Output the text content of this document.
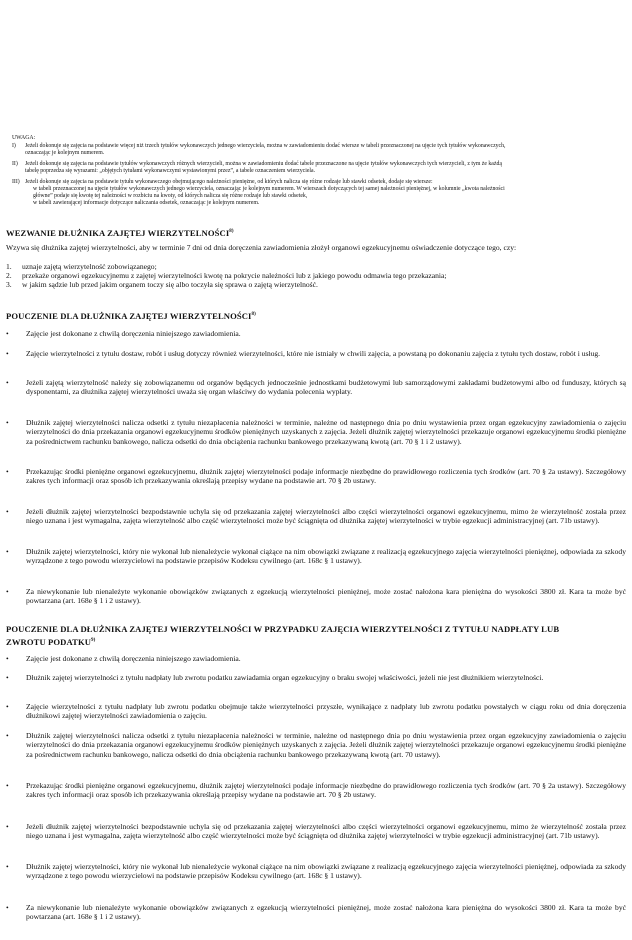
UWAGA:
I) Jeżeli dokonuje się zajęcia na podstawie więcej niż trzech tytułów wykonawczych jednego wierzyciela, można w zawiadomieniu dodać wiersze w tabeli przeznaczonej na ujęcie tych tytułów wykonawczych,
oznaczając je kolejnym numerem.
II) Jeżeli dokonuje się zajęcia na podstawie tytułów wykonawczych różnych wierzycieli, można w zawiadomieniu dodać tabele przeznaczone na ujęcie tytułów wykonawczych tych wierzycieli, z tym że każdą
tabelę poprzedza się wyrazami: „objętych tytułami wykonawczymi wystawionymi przez”, a tabele oznaczeniem wierzyciela.
III) Jeżeli dokonuje się zajęcia na podstawie tytułu wykonawczego obejmującego należności pieniężne, od których nalicza się różne rodzaje lub stawki odsetek, dodaje się wiersze:
w tabeli przeznaczonej na ujęcie tytułów wykonawczych jednego wierzyciela, oznaczając je kolejnym numerem. W wierszach dotyczących tej samej należności pieniężnej, w kolumnie „kwota należności
główne” podaje się kwotę tej należności w rozbiciu na kwoty, od których nalicza się różne rodzaje lub stawki odsetek,
w tabeli zawierającej informacje dotyczące naliczania odsetek, oznaczając je kolejnym numerem.
WEZWANIE DŁUŻNIKA ZAJĘTEJ WIERZYTELNOŚCI$^{8)}$
Wzywa się dłużnika zajętej wierzytelności, aby w terminie 7 dni od dnia doręczenia zawiadomienia złożył organowi egzekucyjnemu oświadczenie dotyczące tego, czy:
1. uznaje zajętą wierzytelność zobowiązanego;
2. przekaże organowi egzekucyjnemu z zajętej wierzytelności kwotę na pokrycie należności lub z jakiego powodu odmawia tego przekazania;
3. w jakim sądzie lub przed jakim organem toczy się albo toczyła się sprawa o zajętą wierzytelność.
POUCZENIE DLA DŁUŻNIKA ZAJĘTEJ WIERZYTELNOŚCI$^{8)}$
• Zajęcie jest dokonane z chwilą doręczenia niniejszego zawiadomienia.
• Zajęcie wierzytelności z tytułu dostaw, robót i usług dotyczy również wierzytelności, które nie istniały w chwili zajęcia, a powstaną po dokonaniu zajęcia z tytułu tych dostaw, robót i usług.
• Jeżeli zajętą wierzytelność należy się zobowiązanemu od organów będących jednocześnie jednostkami budżetowymi lub samorządowymi zakładami budżetowymi albo od funduszy, których są dysponentami, za dłużnika zajętej wierzytelności uważa się organ właściwy do wydania polecenia wypłaty.
• Dłużnik zajętej wierzytelności nalicza odsetki z tytułu niezapłacenia należności w terminie, należne od następnego dnia po dniu wystawienia przez organ egzekucyjny zawiadomienia o zajęciu wierzytelności do dnia przekazania organowi egzekucyjnemu środków pieniężnych uzyskanych z zajęcia. Jeżeli dłużnik zajętej wierzytelności przekazuje organowi egzekucyjnemu środki pieniężne za pośrednictwem rachunku bankowego, nalicza odsetki do dnia obciążenia rachunku bankowego przekazywaną kwotą (art. 70 § 1 i 2 ustawy).
• Przekazując środki pieniężne organowi egzekucyjnemu, dłużnik zajętej wierzytelności podaje informacje niezbędne do prawidłowego rozliczenia tych środków (art. 70 § 2a ustawy). Szczegółowy zakres tych informacji oraz sposób ich przekazywania określają przepisy wydane na podstawie art. 70 § 2b ustawy.
• Jeżeli dłużnik zajętej wierzytelności bezpodstawnie uchyla się od przekazania zajętej wierzytelności albo części wierzytelności organowi egzekucyjnemu, mimo że wierzytelność została przez niego uznana i jest wymagalna, zajęta wierzytelność albo część wierzytelności może być ściągnięta od dłużnika zajętej wierzytelności w trybie egzekucji administracyjnej (art. 71b ustawy).
• Dłużnik zajętej wierzytelności, który nie wykonał lub nienależycie wykonał ciążące na nim obowiązki związane z realizacją egzekucyjnego zajęcia wierzytelności pieniężnej, odpowiada za szkody wyrządzone z tego powodu wierzycielowi na podstawie przepisów Kodeksu cywilnego (art. 168c § 1 ustawy).
• Za niewykonanie lub nienależyte wykonanie obowiązków związanych z egzekucją wierzytelności pieniężnej, może zostać nałożona kara pieniężna do wysokości 3800 zł. Kara ta może być powtarzana (art. 168e § 1 i 2 ustawy).
POUCZENIE DLA DŁUŻNIKA ZAJĘTEJ WIERZYTELNOŚCI W PRZYPADKU ZAJĘCIA WIERZYTELNOŚCI Z TYTUŁU NADPŁATY LUB
ZWROTU PODATKU$^{9)}$
• Zajęcie jest dokonane z chwilą doręczenia niniejszego zawiadomienia.
• Dłużnik zajętej wierzytelności z tytułu nadpłaty lub zwrotu podatku zawiadamia organ egzekucyjny o braku swojej właściwości, jeżeli nie jest dłużnikiem wierzytelności.
• Zajęcie wierzytelności z tytułu nadpłaty lub zwrotu podatku obejmuje także wierzytelności przyszłe, wynikające z nadpłaty lub zwrotu podatku powstałych w ciągu roku od dnia doręczenia dłużnikowi zajętej wierzytelności zawiadomienia o zajęciu.
• Dłużnik zajętej wierzytelności nalicza odsetki z tytułu niezapłacenia należności w terminie, należne od następnego dnia po dniu wystawienia przez organ egzekucyjny zawiadomienia o zajęciu wierzytelności do dnia przekazania organowi egzekucyjnemu środków pieniężnych uzyskanych z zajęcia. Jeżeli dłużnik zajętej wierzytelności przekazuje organowi egzekucyjnemu środki pieniężne za pośrednictwem rachunku bankowego, nalicza odsetki do dnia obciążenia rachunku bankowego przekazywaną kwotą (art. 70 ustawy).
• Przekazując środki pieniężne organowi egzekucyjnemu, dłużnik zajętej wierzytelności podaje informacje niezbędne do prawidłowego rozliczenia tych środków (art. 70 § 2a ustawy). Szczegółowy zakres tych informacji oraz sposób ich przekazywania określają przepisy wydane na podstawie art. 70 § 2b ustawy.
• Jeżeli dłużnik zajętej wierzytelności bezpodstawnie uchyla się od przekazania zajętej wierzytelności albo części wierzytelności organowi egzekucyjnemu, mimo że wierzytelność została przez niego uznana i jest wymagalna, zajęta wierzytelność albo część wierzytelności może być ściągnięta od dłużnika zajętej wierzytelności w trybie egzekucji administracyjnej (art. 71b ustawy).
• Dłużnik zajętej wierzytelności, który nie wykonał lub nienależycie wykonał ciążące na nim obowiązki związane z realizacją egzekucyjnego zajęcia wierzytelności pieniężnej, odpowiada za szkody wyrządzone z tego powodu wierzycielowi na podstawie przepisów Kodeksu cywilnego (art. 168c § 1 ustawy).
• Za niewykonanie lub nienależyte wykonanie obowiązków związanych z egzekucją wierzytelności pieniężnej, może zostać nałożona kara pieniężna do wysokości 3800 zł. Kara ta może być powtarzana (art. 168e § 1 i 2 ustawy).
